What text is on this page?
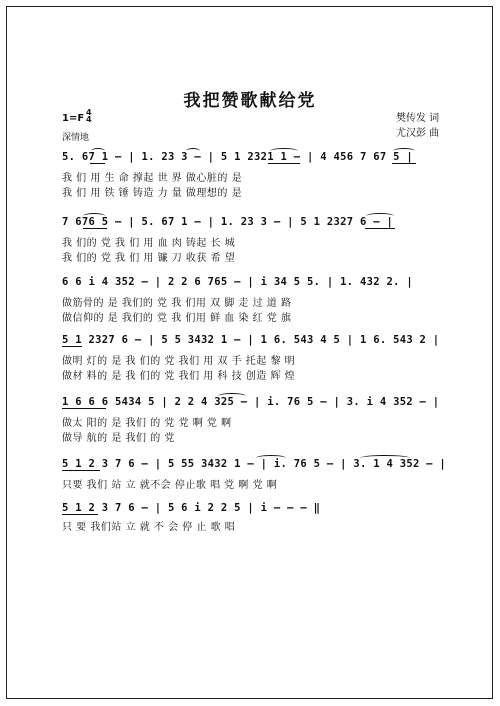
我把赞歌献给党
樊传发 词
尤汉彭 曲
1=F
4
4
深情地
5. 67 1 – | 1. 23 3 – | 5 1 2321 1 – | 4 456 7 67 5 |
我 们 用 生 命 撑起 世 界 做心脏的 是
我 们 用 铁 锤 铸造 力 量 做理想的 是
7 676 5 – | 5. 67 1 – | 1. 23 3 – | 5 1 2327 6 – |
我 们的 党 我 们 用 血 肉 铸起 长 城
我 们的 党 我 们 用 镰 刀 收获 希 望
6 6 i 4 352 – | 2 2 6 765 – | i 34 5 5. | 1. 432 2. |
做筋骨的 是 我们的 党 我 们用 双 脚 走 过 道 路
做信仰的 是 我们的 党 我 们用 鲜 血 染 红 党 旗
5 1 2327 6 – | 5 5 3432 1 – | 1 6. 543 4 5 | 1 6. 543 2 |
做明 灯的 是 我 们的 党 我们 用 双 手 托起 黎 明
做材 料的 是 我 们的 党 我们 用 科 技 创造 辉 煌
1 6 6 6 5434 5 | 2 2 4 325 – | i. 76 5 – | 3. i 4 352 – |
做太 阳的 是 我们 的 党 党 啊 党 啊
做导 航的 是 我们 的 党
5 1 2 3 7 6 – | 5 55 3432 1 – | i. 76 5 – | 3. 1 4 352 – |
只要 我们 站 立 就不会 停止歌 唱 党 啊 党 啊
5 1 2 3 7 6 – | 5 6 i 2 2 5 | i – – – ‖
只 要 我们站 立 就 不 会 停 止 歌 唱
